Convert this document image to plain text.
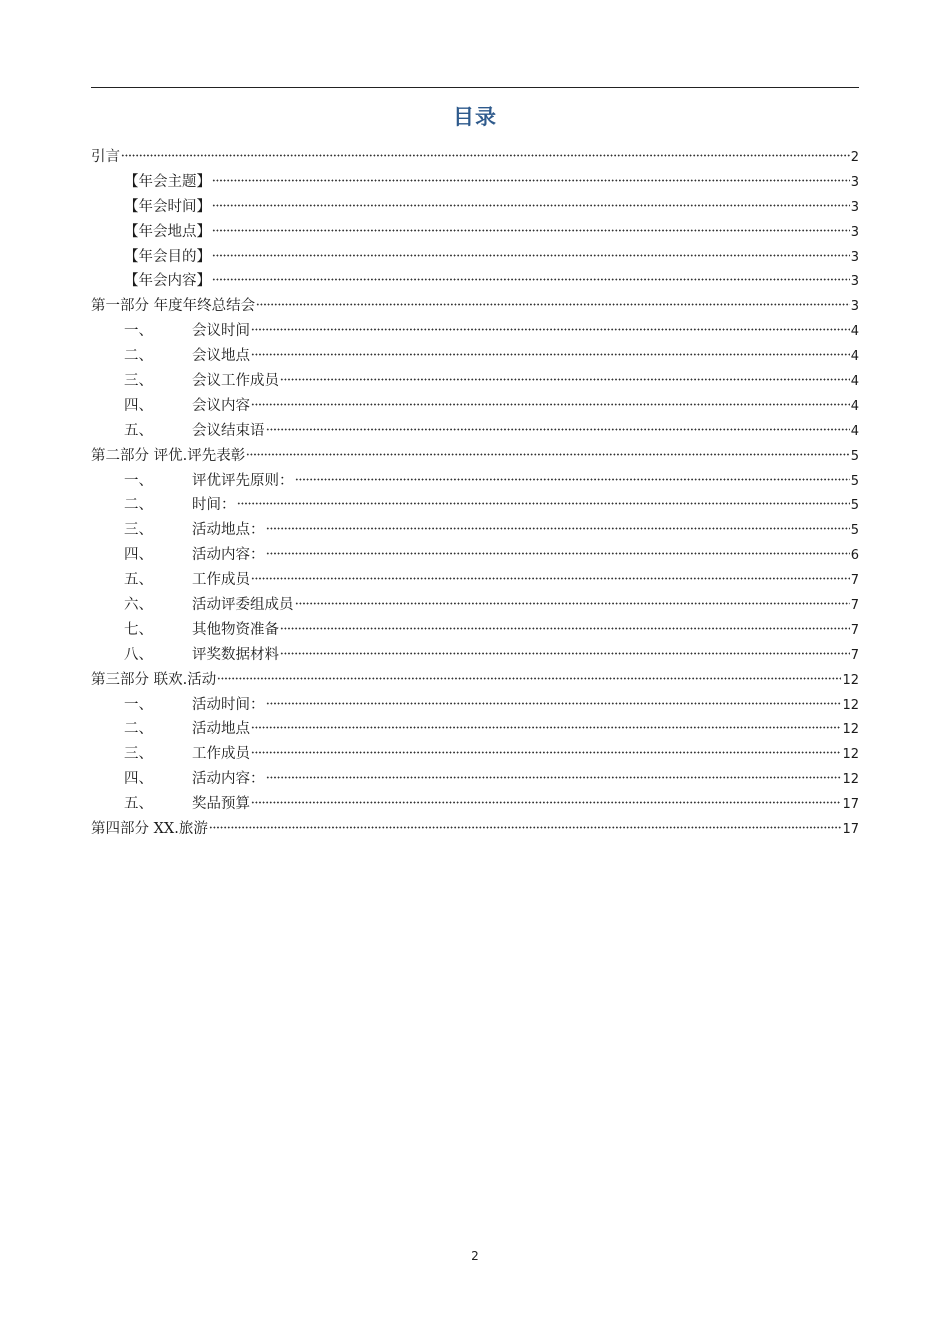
目录
引言	2
【年会主题】	3
【年会时间】	3
【年会地点】	3
【年会目的】	3
【年会内容】	3
第一部分 年度年终总结会	3
一、	会议时间	4
二、	会议地点	4
三、	会议工作成员	4
四、	会议内容	4
五、	会议结束语	4
第二部分 评优.评先表彰	5
一、	评优评先原则：	5
二、	时间：	5
三、	活动地点：	5
四、	活动内容：	6
五、	工作成员	7
六、	活动评委组成员	7
七、	其他物资准备	7
八、	评奖数据材料	7
第三部分 联欢.活动	12
一、	活动时间：	12
二、	活动地点	12
三、	工作成员	12
四、	活动内容：	12
五、	奖品预算	17
第四部分 XX.旅游	17
2
